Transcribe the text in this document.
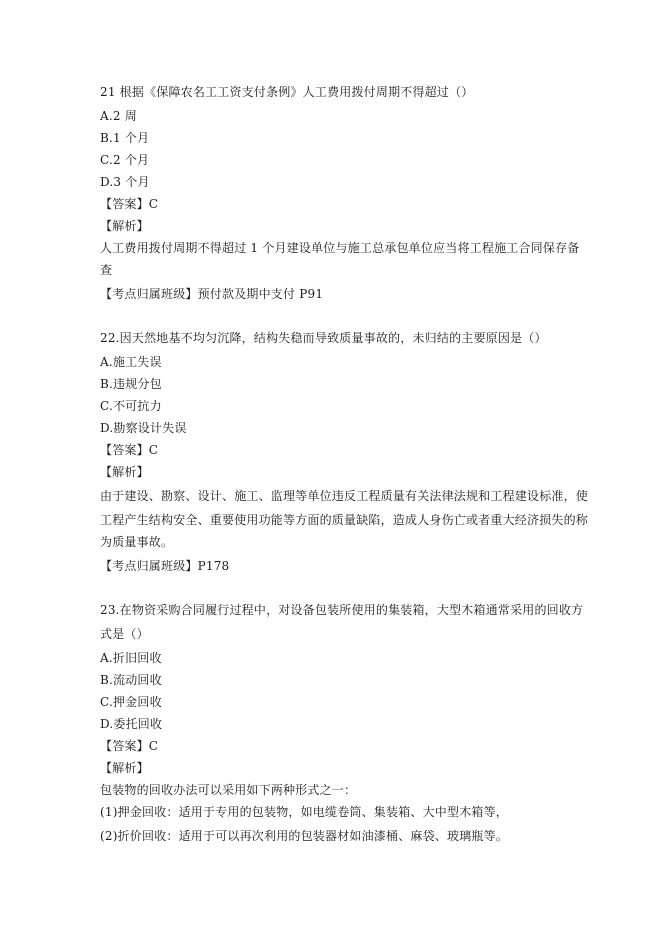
21 根据《保障农名工工资支付条例》人工费用拨付周期不得超过（）
A.2 周
B.1 个月
C.2 个月
D.3 个月
【答案】C
【解析】
人工费用拨付周期不得超过 1 个月建设单位与施工总承包单位应当将工程施工合同保存备
查
【考点归属班级】预付款及期中支付 P91
22.因天然地基不均匀沉降，结构失稳而导致质量事故的，未归结的主要原因是（）
A.施工失误
B.违规分包
C.不可抗力
D.勘察设计失误
【答案】C
【解析】
由于建设、勘察、设计、施工、监理等单位违反工程质量有关法律法规和工程建设标准，使
工程产生结构安全、重要使用功能等方面的质量缺陷，造成人身伤亡或者重大经济损失的称
为质量事故。
【考点归属班级】P178
23.在物资采购合同履行过程中，对设备包装所使用的集装箱，大型木箱通常采用的回收方
式是（）
A.折旧回收
B.流动回收
C.押金回收
D.委托回收
【答案】C
【解析】
包装物的回收办法可以采用如下两种形式之一：
(1)押金回收：适用于专用的包装物，如电缆卷筒、集装箱、大中型木箱等，
(2)折价回收：适用于可以再次利用的包装器材如油漆桶、麻袋、玻璃瓶等。
